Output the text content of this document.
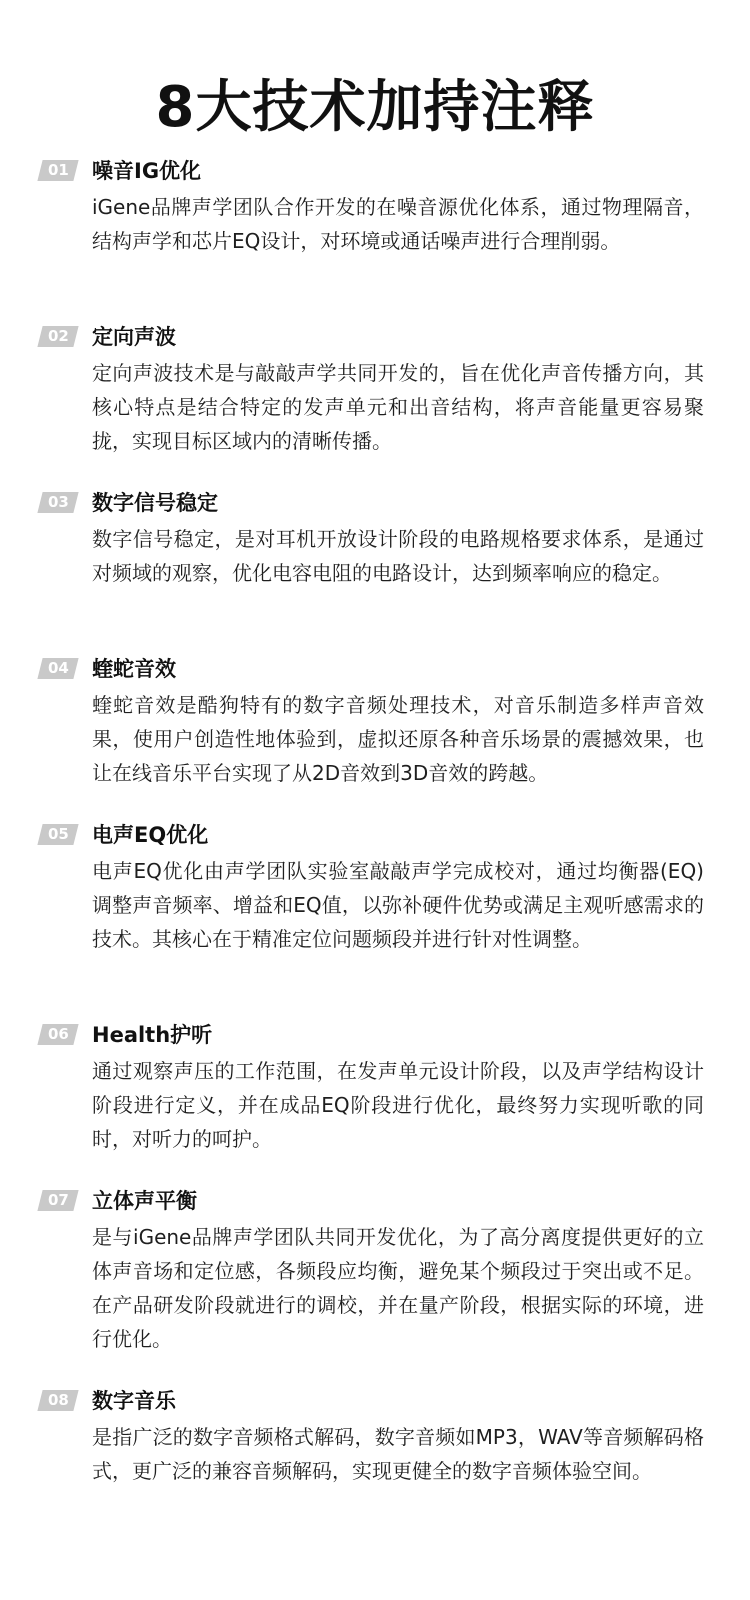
8大技术加持注释
01	噪音IG优化
iGene品牌声学团队合作开发的在噪音源优化体系，通过物理隔音，结构声学和芯片EQ设计，对环境或通话噪声进行合理削弱。
02	定向声波
定向声波技术是与敲敲声学共同开发的，旨在优化声音传播方向，其核心特点是结合特定的发声单元和出音结构，将声音能量更容易聚拢，实现目标区域内的清晰传播。
03	数字信号稳定
数字信号稳定，是对耳机开放设计阶段的电路规格要求体系，是通过对频域的观察，优化电容电阻的电路设计，达到频率响应的稳定。
04	蝰蛇音效
蝰蛇音效是酷狗特有的数字音频处理技术，对音乐制造多样声音效果，使用户创造性地体验到，虚拟还原各种音乐场景的震撼效果，也让在线音乐平台实现了从2D音效到3D音效的跨越。
05	电声EQ优化
电声EQ优化由声学团队实验室敲敲声学完成校对，通过均衡器(EQ)调整声音频率、增益和EQ值，以弥补硬件优势或满足主观听感需求的技术。其核心在于精准定位问题频段并进行针对性调整。
06	Health护听
通过观察声压的工作范围，在发声单元设计阶段，以及声学结构设计阶段进行定义，并在成品EQ阶段进行优化，最终努力实现听歌的同时，对听力的呵护。
07	立体声平衡
是与iGene品牌声学团队共同开发优化，为了高分离度提供更好的立体声音场和定位感，各频段应均衡，避免某个频段过于突出或不足。在产品研发阶段就进行的调校，并在量产阶段，根据实际的环境，进行优化。
08	数字音乐
是指广泛的数字音频格式解码，数字音频如MP3，WAV等音频解码格式，更广泛的兼容音频解码，实现更健全的数字音频体验空间。
